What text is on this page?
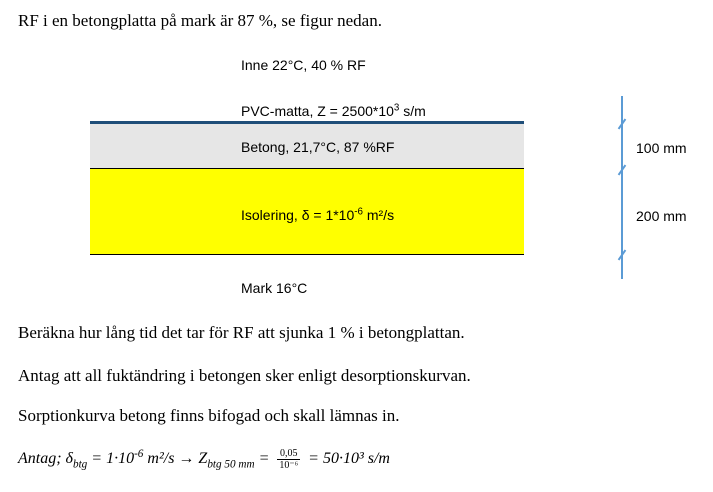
RF i en betongplatta på mark är 87 %, se figur nedan.
Inne 22°C, 40 % RF
PVC-matta, $Z = 2500*10^3$ s/m
Betong, 21,7°C, 87 %RF
Isolering, $\delta = 1*10^{-6}$ m²/s
Mark 16°C
100 mm
200 mm
Beräkna hur lång tid det tar för RF att sjunka 1 % i betongplattan.
Antag att all fuktändring i betongen sker enligt desorptionskurvan.
Sorptionkurva betong finns bifogad och skall lämnas in.
Antag; $\delta_{btg} = 1\cdot 10^{-6}$ $m^2/s \to Z_{btg 50 mm} = \frac{0,05}{\text{10⁻⁶}} = 50\cdot 10^3$ s/m
